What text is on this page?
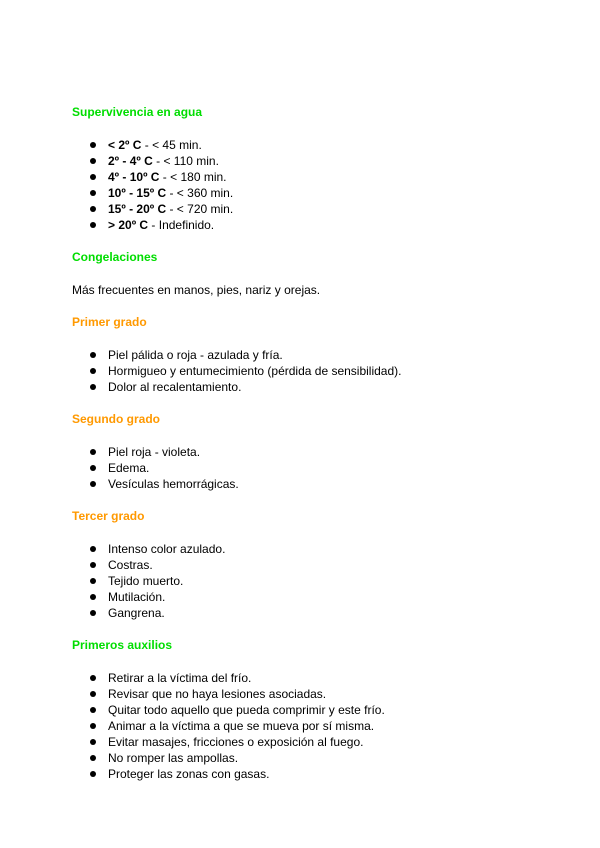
Supervivencia en agua
< 2º C - < 45 min.
2º - 4º C - < 110 min.
4º - 10º C - < 180 min.
10º - 15º C - < 360 min.
15º - 20º C - < 720 min.
> 20º C - Indefinido.
Congelaciones

Más frecuentes en manos, pies, nariz y orejas.

Primer grado
Piel pálida o roja - azulada y fría.
Hormigueo y entumecimiento (pérdida de sensibilidad).
Dolor al recalentamiento.
Segundo grado
Piel roja - violeta.
Edema.
Vesículas hemorrágicas.
Tercer grado
Intenso color azulado.
Costras.
Tejido muerto.
Mutilación.
Gangrena.
Primeros auxilios
Retirar a la víctima del frío.
Revisar que no haya lesiones asociadas.
Quitar todo aquello que pueda comprimir y este frío.
Animar a la víctima a que se mueva por sí misma.
Evitar masajes, fricciones o exposición al fuego.
No romper las ampollas.
Proteger las zonas con gasas.
